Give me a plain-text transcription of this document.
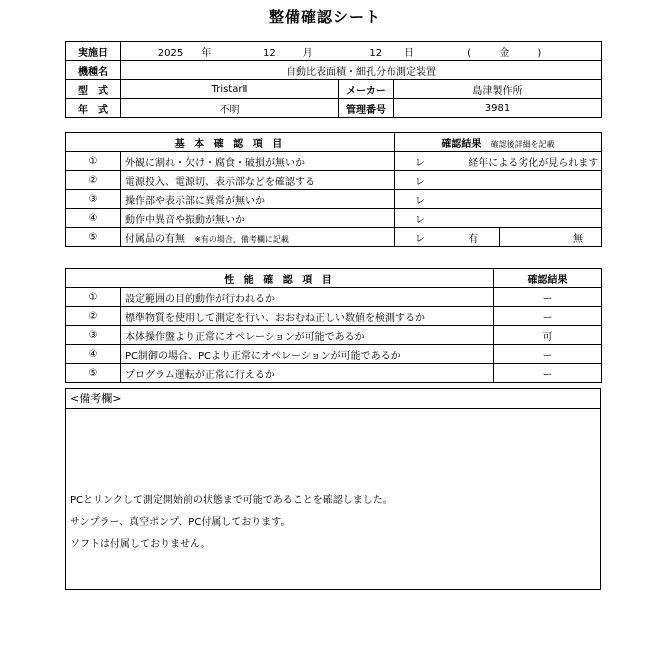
整備確認シート
実施日	2025 年 12 月 12 日 ( 金 )		
機種名	自動比表面積・細孔分布測定装置		
型　式	TristarⅡ	メーカー	島津製作所
年　式	不明	管理番号	3981
基 本 確 認 項 目		確認結果 確認後詳細を記載	
①	外観に割れ・欠け・腐食・破損が無いか	レ 経年による劣化が見られます	
②	電源投入、電源切、表示部などを確認する	レ	
③	操作部や表示部に異常が無いか	レ	
④	動作中異音や振動が無いか	レ	
⑤	付属品の有無 ※有の場合、備考欄に記載	レ 有	無
性 能 確 認 項 目		確認結果
①	設定範囲の目的動作が行われるか	ー
②	標準物質を使用して測定を行い、おおむね正しい数値を検測するか	ー
③	本体操作盤より正常にオペレーションが可能であるか	可
④	PC制御の場合、PCより正常にオペレーションが可能であるか	ー
⑤	プログラム運転が正常に行えるか	ー
<備考欄>
PCとリンクして測定開始前の状態まで可能であることを確認しました。
サンプラー、真空ポンプ、PC付属しております。
ソフトは付属しておりません。
